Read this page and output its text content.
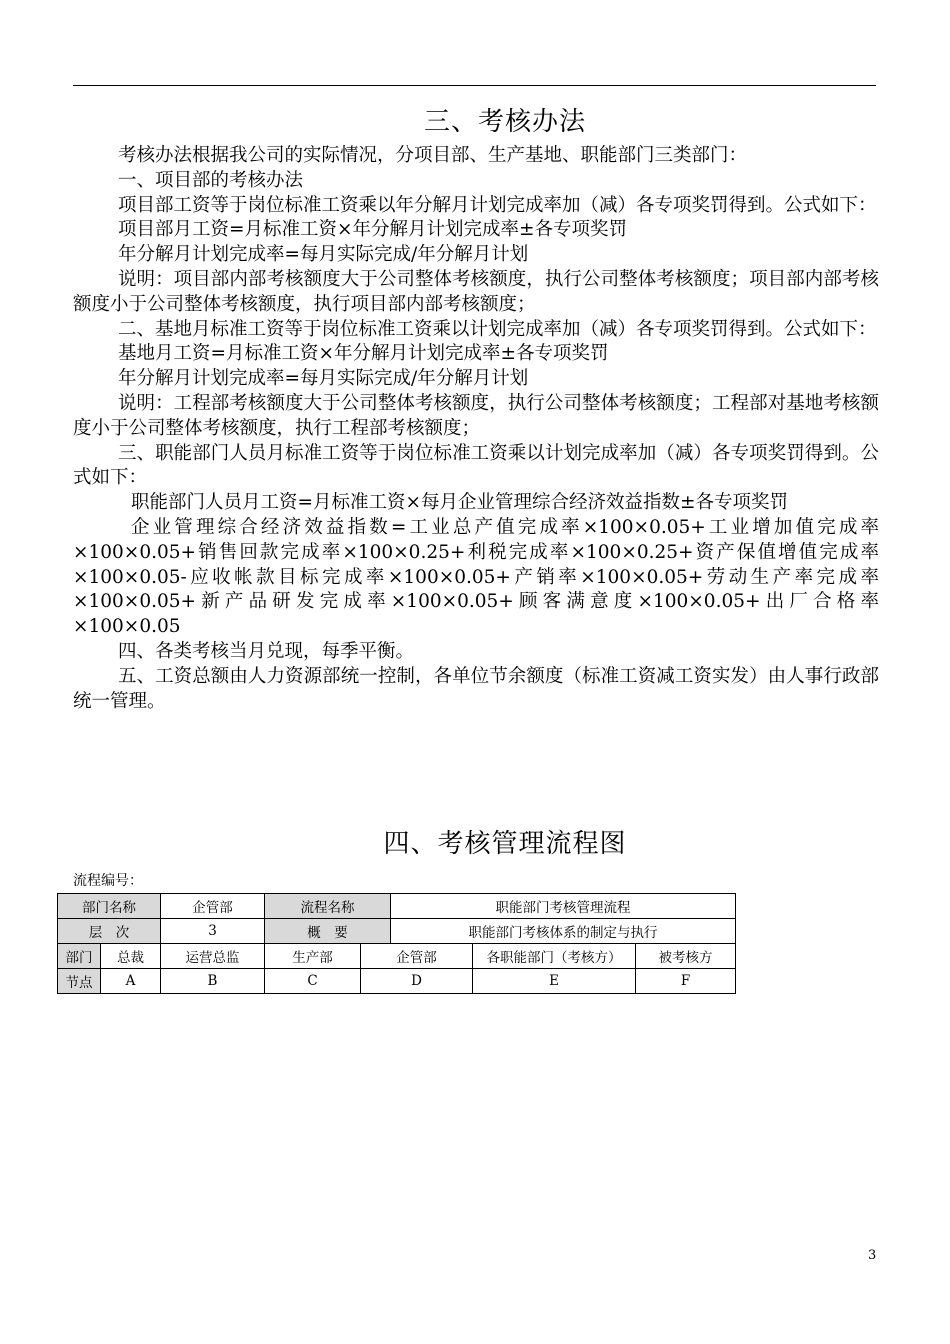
三、考核办法

考核办法根据我公司的实际情况，分项目部、生产基地、职能部门三类部门：

一、项目部的考核办法

项目部工资等于岗位标准工资乘以年分解月计划完成率加（减）各专项奖罚得到。公式如下：

项目部月工资=月标准工资×年分解月计划完成率±各专项奖罚

年分解月计划完成率=每月实际完成/年分解月计划

说明：项目部内部考核额度大于公司整体考核额度，执行公司整体考核额度；项目部内部考核额度小于公司整体考核额度，执行项目部内部考核额度；

二、基地月标准工资等于岗位标准工资乘以计划完成率加（减）各专项奖罚得到。公式如下：

基地月工资=月标准工资×年分解月计划完成率±各专项奖罚

年分解月计划完成率=每月实际完成/年分解月计划

说明：工程部考核额度大于公司整体考核额度，执行公司整体考核额度；工程部对基地考核额度小于公司整体考核额度，执行工程部考核额度；

三、职能部门人员月标准工资等于岗位标准工资乘以计划完成率加（减）各专项奖罚得到。公式如下：

职能部门人员月工资=月标准工资×每月企业管理综合经济效益指数±各专项奖罚

企业管理综合经济效益指数=工业总产值完成率×100×0.05+工业增加值完成率×100×0.05+销售回款完成率×100×0.25+利税完成率×100×0.25+资产保值增值完成率×100×0.05-应收帐款目标完成率×100×0.05+产销率×100×0.05+劳动生产率完成率×100×0.05+新产品研发完成率×100×0.05+顾客满意度×100×0.05+出厂合格率×100×0.05

四、各类考核当月兑现，每季平衡。

五、工资总额由人力资源部统一控制，各单位节余额度（标准工资减工资实发）由人事行政部统一管理。

四、考核管理流程图
流程编号：
部门名称		企管部	流程名称		职能部门考核管理流程		
层　次		3	概　要		职能部门考核体系的制定与执行		
部门	总裁	运营总监	生产部	企管部		各职能部门（考核方）	被考核方
节点	A	B	C	D		E	F
3
